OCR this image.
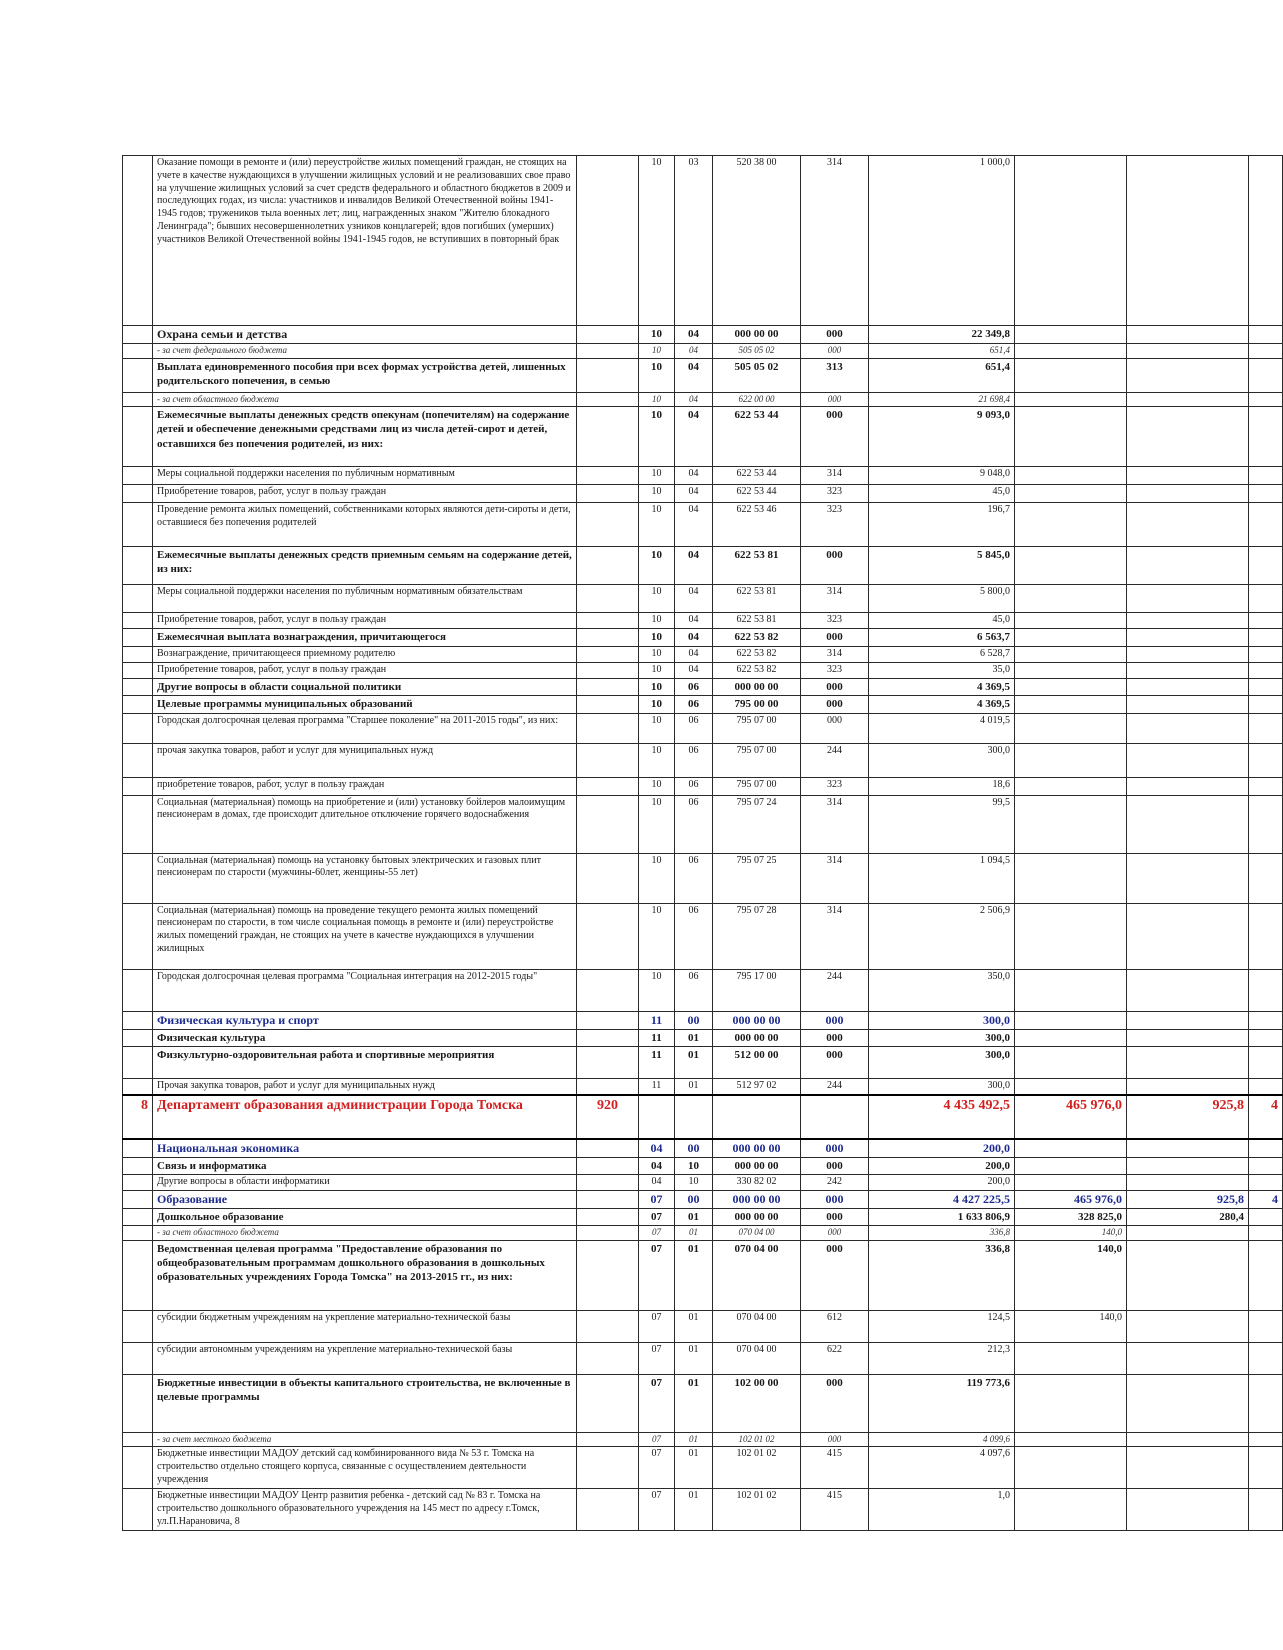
	Оказание помощи в ремонте и (или) переустройстве жилых помещений граждан, не стоящих на учете в качестве нуждающихся в улучшении жилищных условий и не реализовавших свое право на улучшение жилищных условий за счет средств федерального и областного бюджетов в 2009 и последующих годах, из числа: участников и инвалидов Великой Отечественной войны 1941-1945 годов; тружеников тыла военных лет; лиц, награжденных знаком "Жителю блокадного Ленинграда"; бывших несовершеннолетних узников концлагерей; вдов погибших (умерших) участников Великой Отечественной войны 1941-1945 годов, не вступивших в повторный брак		10	03	520 38 00	314	1 000,0			
	Охрана семьи и детства		10	04	000 00 00	000	22 349,8			
	- за счет федерального бюджета		10	04	505 05 02	000	651,4			
	Выплата единовременного пособия при всех формах устройства детей, лишенных родительского попечения, в семью		10	04	505 05 02	313	651,4			
	- за счет областного бюджета		10	04	622 00 00	000	21 698,4			
	Ежемесячные выплаты денежных средств опекунам (попечителям) на содержание детей и обеспечение денежными средствами лиц из числа детей-сирот и детей, оставшихся без попечения родителей, из них:		10	04	622 53 44	000	9 093,0			
	Меры социальной поддержки населения по публичным нормативным		10	04	622 53 44	314	9 048,0			
	Приобретение товаров, работ, услуг в пользу граждан		10	04	622 53 44	323	45,0			
	Проведение ремонта жилых помещений, собственниками которых являются дети-сироты и дети, оставшиеся без попечения родителей		10	04	622 53 46	323	196,7			
	Ежемесячные выплаты денежных средств приемным семьям на содержание детей, из них:		10	04	622 53 81	000	5 845,0			
	Меры социальной поддержки населения по публичным нормативным обязательствам		10	04	622 53 81	314	5 800,0			
	Приобретение товаров, работ, услуг в пользу граждан		10	04	622 53 81	323	45,0			
	Ежемесячная выплата вознаграждения, причитающегося		10	04	622 53 82	000	6 563,7			
	Вознаграждение, причитающееся приемному родителю		10	04	622 53 82	314	6 528,7			
	Приобретение товаров, работ, услуг в пользу граждан		10	04	622 53 82	323	35,0			
	Другие вопросы в области социальной политики		10	06	000 00 00	000	4 369,5			
	Целевые программы муниципальных образований		10	06	795 00 00	000	4 369,5			
	Городская долгосрочная целевая программа "Старшее поколение" на 2011-2015 годы", из них:		10	06	795 07 00	000	4 019,5			
	прочая закупка товаров, работ и услуг для муниципальных нужд		10	06	795 07 00	244	300,0			
	приобретение товаров, работ, услуг в пользу граждан		10	06	795 07 00	323	18,6			
	Социальная (материальная) помощь на приобретение и (или) установку бойлеров малоимущим пенсионерам в домах, где происходит длительное отключение горячего водоснабжения		10	06	795 07 24	314	99,5			
	Социальная (материальная) помощь на установку бытовых электрических и газовых плит пенсионерам по старости (мужчины-60лет, женщины-55 лет)		10	06	795 07 25	314	1 094,5			
	Социальная (материальная) помощь на проведение текущего ремонта жилых помещений пенсионерам по старости, в том числе социальная помощь в ремонте и (или) переустройстве жилых помещений граждан, не стоящих на учете в качестве нуждающихся в улучшении жилищных		10	06	795 07 28	314	2 506,9			
	Городская долгосрочная целевая программа "Социальная интеграция на 2012-2015 годы"		10	06	795 17 00	244	350,0			
	Физическая культура и спорт		11	00	000 00 00	000	300,0			
	Физическая культура		11	01	000 00 00	000	300,0			
	Физкультурно-оздоровительная работа и спортивные мероприятия		11	01	512 00 00	000	300,0			
	Прочая закупка товаров, работ и услуг для муниципальных нужд		11	01	512 97 02	244	300,0			
8	Департамент образования администрации Города Томска	920					4 435 492,5	465 976,0	925,8	4
	Национальная экономика		04	00	000 00 00	000	200,0			
	Связь и информатика		04	10	000 00 00	000	200,0			
	Другие вопросы в области информатики		04	10	330 82 02	242	200,0			
	Образование		07	00	000 00 00	000	4 427 225,5	465 976,0	925,8	4
	Дошкольное образование		07	01	000 00 00	000	1 633 806,9	328 825,0	280,4	
	- за счет областного бюджета		07	01	070 04 00	000	336,8	140,0		
	Ведомственная целевая программа "Предоставление образования по общеобразовательным программам дошкольного образования в дошкольных образовательных учреждениях Города Томска" на 2013-2015 гг., из них:		07	01	070 04 00	000	336,8	140,0		
	субсидии бюджетным учреждениям на укрепление материально-технической базы		07	01	070 04 00	612	124,5	140,0		
	субсидии автономным учреждениям на укрепление материально-технической базы		07	01	070 04 00	622	212,3			
	Бюджетные инвестиции в объекты капитального строительства, не включенные в целевые программы		07	01	102 00 00	000	119 773,6			
	- за счет местного бюджета		07	01	102 01 02	000	4 099,6			
	Бюджетные инвестиции МАДОУ детский сад комбинированного вида № 53 г. Томска на строительство отдельно стоящего корпуса, связанные с осуществлением деятельности учреждения		07	01	102 01 02	415	4 097,6			
	Бюджетные инвестиции МАДОУ Центр развития ребенка - детский сад № 83 г. Томска на строительство дошкольного образовательного учреждения на 145 мест по адресу г.Томск, ул.П.Нарановича, 8		07	01	102 01 02	415	1,0			
